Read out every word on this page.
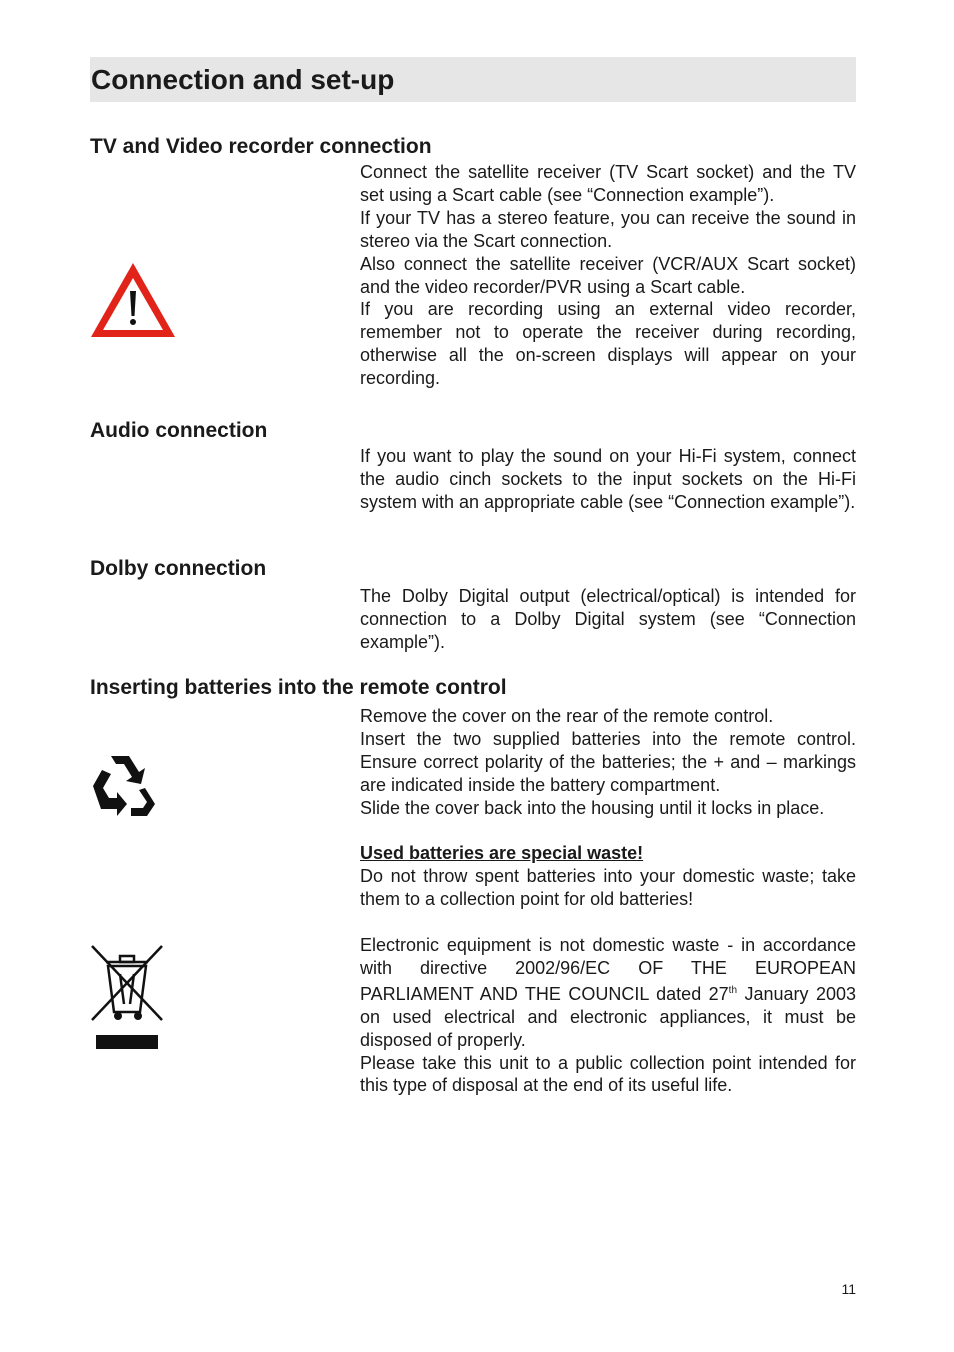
Connection and set-up
TV and Video recorder connection

Connect the satellite receiver (TV Scart socket) and the TV set using a Scart cable (see “Connection example”).

If your TV has a stereo feature, you can receive the sound in stereo via the Scart connection.

Also connect the satellite receiver (VCR/AUX Scart socket) and the video recorder/PVR using a Scart cable.

If you are recording using an external video recorder, remember not to operate the receiver during recording, otherwise all the on-screen displays will appear on your recording.

Audio connection

If you want to play the sound on your Hi-Fi system, connect the audio cinch sockets to the input sockets on the Hi-Fi system with an appropriate cable (see “Connection example”).

Dolby connection

The Dolby Digital output (electrical/optical) is intended for connection to a Dolby Digital system (see “Connection example”).

Inserting batteries into the remote control

Remove the cover on the rear of the remote control.

Insert the two supplied batteries into the remote control. Ensure correct polarity of the batteries; the + and – markings are indicated inside the battery compartment.

Slide the cover back into the housing until it locks in place.

Used batteries are special waste!

Do not throw spent batteries into your domestic waste; take them to a collection point for old batteries!

Electronic equipment is not domestic waste - in accordance with directive 2002/96/EC OF THE EUROPEAN PARLIAMENT AND THE COUNCIL dated 27th January 2003 on used electrical and electronic appliances, it must be disposed of properly.

Please take this unit to a public collection point intended for this type of disposal at the end of its useful life.

11
